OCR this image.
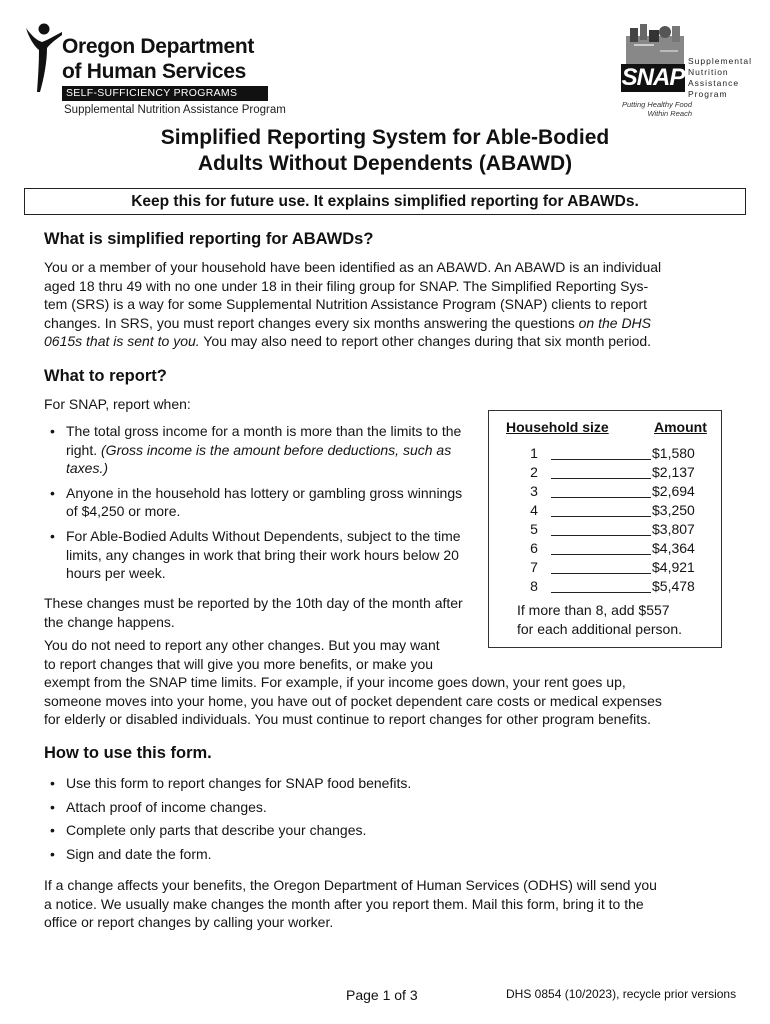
Oregon Department
of Human Services
SELF-SUFFICIENCY PROGRAMS
Supplemental Nutrition Assistance Program
SNAP
Supplemental
Nutrition
Assistance
Program
Putting Healthy Food Within Reach
Simplified Reporting System for Able-Bodied
Adults Without Dependents (ABAWD)
Keep this for future use. It explains simplified reporting for ABAWDs.
What is simplified reporting for ABAWDs?
You or a member of your household have been identified as an ABAWD. An ABAWD is an individual
aged 18 thru 49 with no one under 18 in their filing group for SNAP. The Simplified Reporting Sys-
tem (SRS) is a way for some Supplemental Nutrition Assistance Program (SNAP) clients to report
changes. In SRS, you must report changes every six months answering the questions on the DHS
0615s that is sent to you. You may also need to report other changes during that six month period.
What to report?
For SNAP, report when:
• The total gross income for a month is more than the limits to the right. (Gross income is the amount before deductions, such as taxes.)
• Anyone in the household has lottery or gambling gross winnings of $4,250 or more.
• For Able-Bodied Adults Without Dependents, subject to the time limits, any changes in work that bring their work hours below 20 hours per week.
These changes must be reported by the 10th day of the month after the change happens.
You do not need to report any other changes. But you may want
to report changes that will give you more benefits, or make you
exempt from the SNAP time limits. For example, if your income goes down, your rent goes up,
someone moves into your home, you have out of pocket dependent care costs or medical expenses
for elderly or disabled individuals. You must continue to report changes for other program benefits.
Household size	Amount
1	$1,580
2	$2,137
3	$2,694
4	$3,250
5	$3,807
6	$4,364
7	$4,921
8	$5,478
If more than 8, add $557
for each additional person.
How to use this form.
• Use this form to report changes for SNAP food benefits.
• Attach proof of income changes.
• Complete only parts that describe your changes.
• Sign and date the form.
If a change affects your benefits, the Oregon Department of Human Services (ODHS) will send you
a notice. We usually make changes the month after you report them. Mail this form, bring it to the
office or report changes by calling your worker.
Page 1 of 3	DHS 0854 (10/2023), recycle prior versions
